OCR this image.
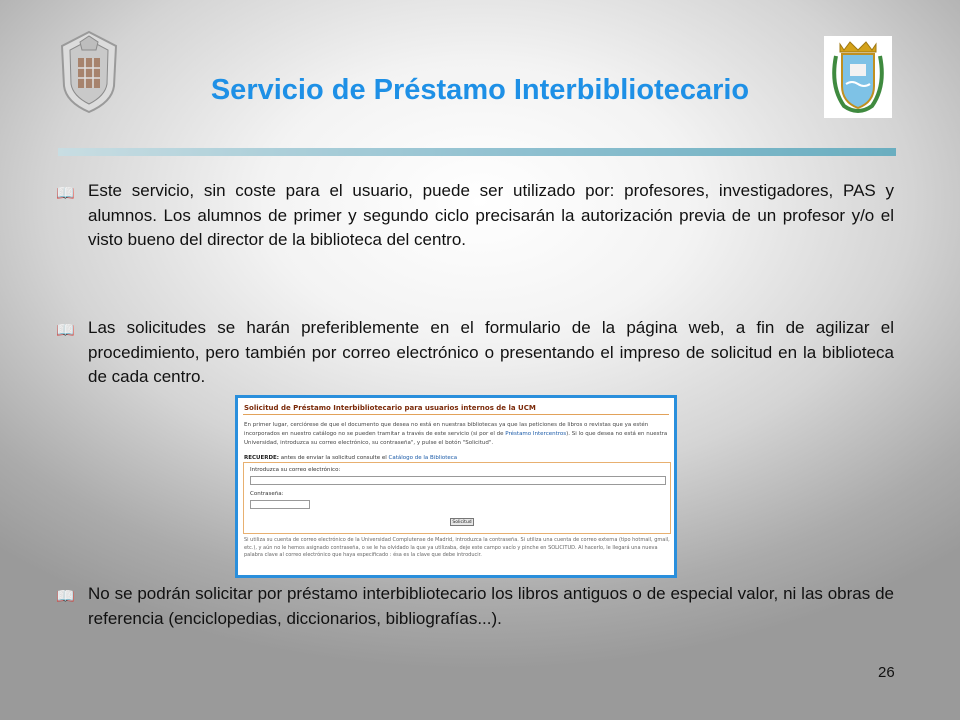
Servicio de Préstamo Interbibliotecario
📖 Este servicio, sin coste para el usuario, puede ser utilizado por: profesores, investigadores, PAS y alumnos. Los alumnos de primer y segundo ciclo precisarán la autorización previa de un profesor y/o el visto bueno del director de la biblioteca del centro.
📖 Las solicitudes se harán preferiblemente en el formulario de la página web, a fin de agilizar el procedimiento, pero también por correo electrónico o presentando el impreso de solicitud en la biblioteca de cada centro.
Solicitud de Préstamo Interbibliotecario para usuarios internos de la UCM
En primer lugar, cerciórese de que el documento que desea no está en nuestras bibliotecas ya que las peticiones de libros o revistas que ya estén incorporados en nuestro catálogo no se pueden tramitar a través de este servicio (si por el de Préstamo Intercentros). Si lo que desea no está en nuestra Universidad, introduzca su correo electrónico, su contraseña", y pulse el botón "Solicitud".
RECUERDE: antes de enviar la solicitud consulte el Catálogo de la Biblioteca
Introduzca su correo electrónico:
Contraseña:
Solicitud
Si utiliza su cuenta de correo electrónico de la Universidad Complutense de Madrid, introduzca la contraseña. Si utiliza una cuenta de correo externa (tipo hotmail, gmail, etc.), y aún no le hemos asignado contraseña, o se le ha olvidado la que ya utilizaba, deje este campo vacío y pinche en SOLICITUD. Al hacerlo, le llegará una nueva palabra clave al correo electrónico que haya especificado : ésa es la clave que debe introducir.
📖 No se podrán solicitar por préstamo interbibliotecario los libros antiguos o de especial valor, ni las obras de referencia (enciclopedias, diccionarios, bibliografías...).
26
